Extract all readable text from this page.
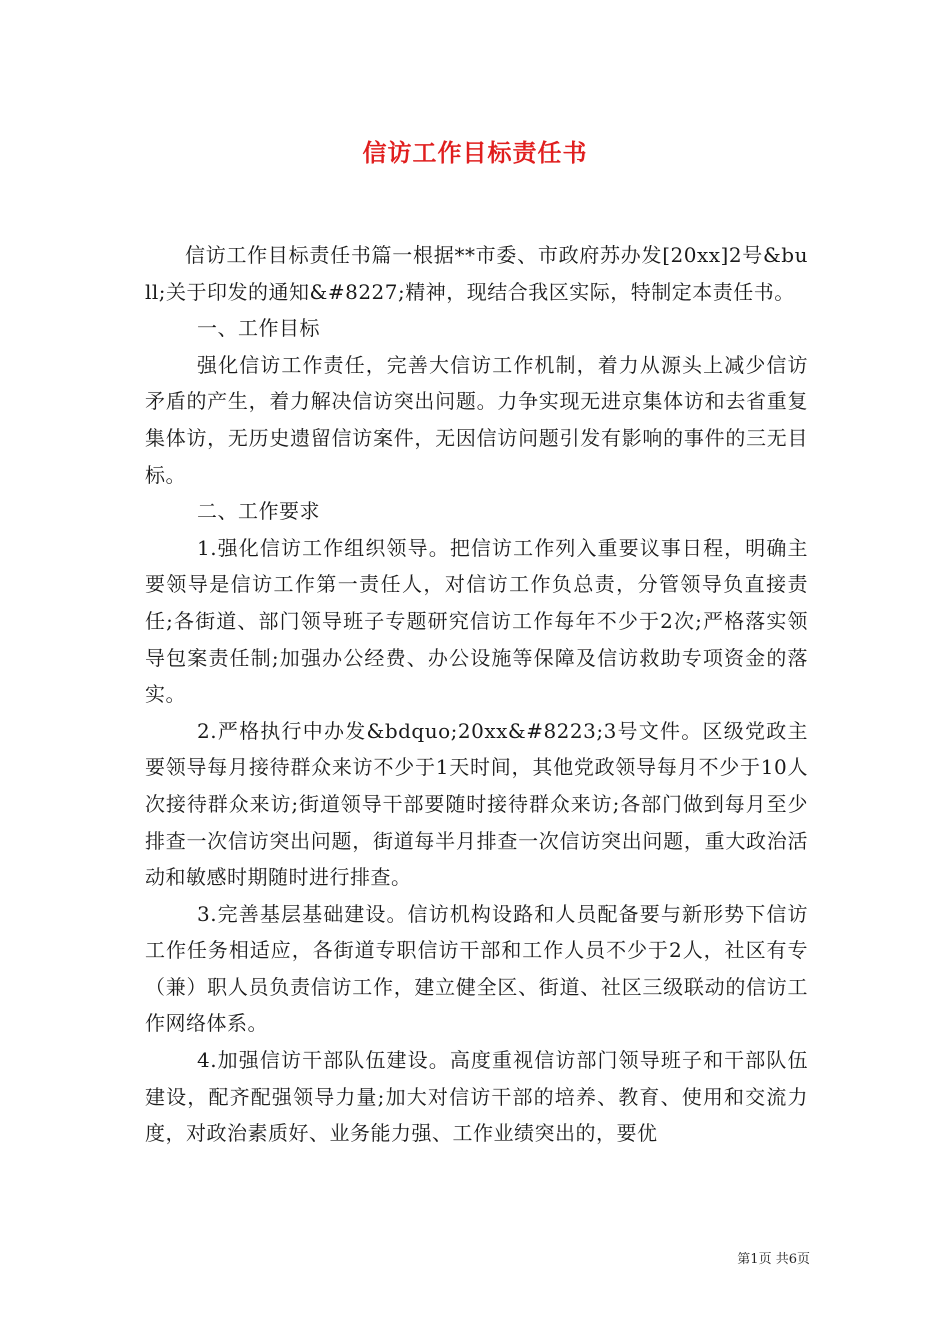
信访工作目标责任书

信访工作目标责任书篇一根据**市委、市政府苏办发[20xx]2号&bull;关于印发的通知&#8227;精神，现结合我区实际，特制定本责任书。

一、工作目标

强化信访工作责任，完善大信访工作机制，着力从源头上减少信访矛盾的产生，着力解决信访突出问题。力争实现无进京集体访和去省重复集体访，无历史遗留信访案件，无因信访问题引发有影响的事件的三无目标。

二、工作要求

1.强化信访工作组织领导。把信访工作列入重要议事日程，明确主要领导是信访工作第一责任人，对信访工作负总责，分管领导负直接责任;各街道、部门领导班子专题研究信访工作每年不少于2次;严格落实领导包案责任制;加强办公经费、办公设施等保障及信访救助专项资金的落实。

2.严格执行中办发&bdquo;20xx&#8223;3号文件。区级党政主要领导每月接待群众来访不少于1天时间，其他党政领导每月不少于10人次接待群众来访;街道领导干部要随时接待群众来访;各部门做到每月至少排查一次信访突出问题，街道每半月排查一次信访突出问题，重大政治活动和敏感时期随时进行排查。

3.完善基层基础建设。信访机构设路和人员配备要与新形势下信访工作任务相适应，各街道专职信访干部和工作人员不少于2人，社区有专（兼）职人员负责信访工作，建立健全区、街道、社区三级联动的信访工作网络体系。

4.加强信访干部队伍建设。高度重视信访部门领导班子和干部队伍建设，配齐配强领导力量;加大对信访干部的培养、教育、使用和交流力度，对政治素质好、业务能力强、工作业绩突出的，要优

第1页 共6页
